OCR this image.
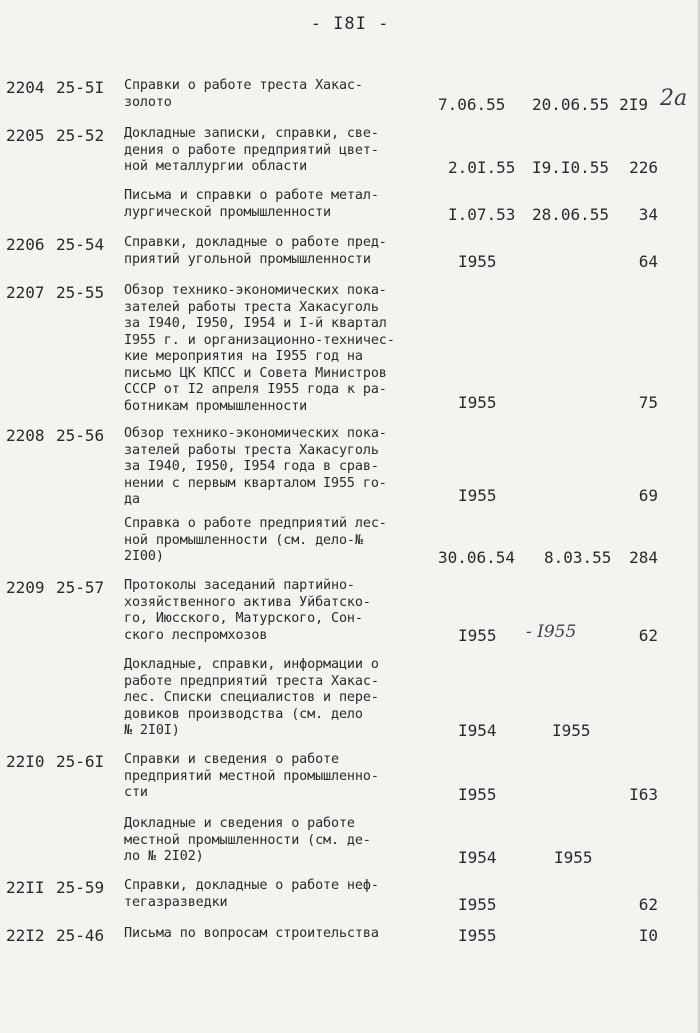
- I8I -
2204 25-5I Справки о работе треста Хакас-
золото	7.06.55 20.06.55 2I9 2a
2205 25-52 Докладные записки, справки, све-
дения о работе предприятий цвет-
ной металлургии области	2.0I.55 I9.I0.55 226
Письма и справки о работе метал-
лургической промышленности	I.07.53 28.06.55 34
2206 25-54 Справки, докладные о работе пред-
приятий угольной промышленности	I955	64
2207 25-55 Обзор технико-экономических пока-
зателей работы треста Хакасуголь
за I940, I950, I954 и I-й квартал
I955 г. и организационно-техничес-
кие мероприятия на I955 год на
письмо ЦК КПСС и Совета Министров
СССР от I2 апреля I955 года к ра-
ботникам промышленности	I955	75
2208 25-56 Обзор технико-экономических пока-
зателей работы треста Хакасуголь
за I940, I950, I954 года в срав-
нении с первым кварталом I955 го-
да	I955	69
Справка о работе предприятий лес-
ной промышленности (см. дело-№
2I00)	30.06.54 8.03.55 284
2209 25-57 Протоколы заседаний партийно-
хозяйственного актива Уйбатско-
го, Июсского, Матурского, Сон-
ского леспромхозов	I955 - I955	62
Докладные, справки, информации о
работе предприятий треста Хакас-
лес. Списки специалистов и пере-
довиков производства (см. дело
№ 2I0I)	I954	I955
22I0 25-6I Справки и сведения о работе
предприятий местной промышленно-
сти	I955	I63
Докладные и сведения о работе
местной промышленности (см. де-
ло № 2I02)	I954	I955
22II 25-59 Справки, докладные о работе неф-
тегазразведки	I955	62
22I2 25-46 Письма по вопросам строительства	I955	I0
